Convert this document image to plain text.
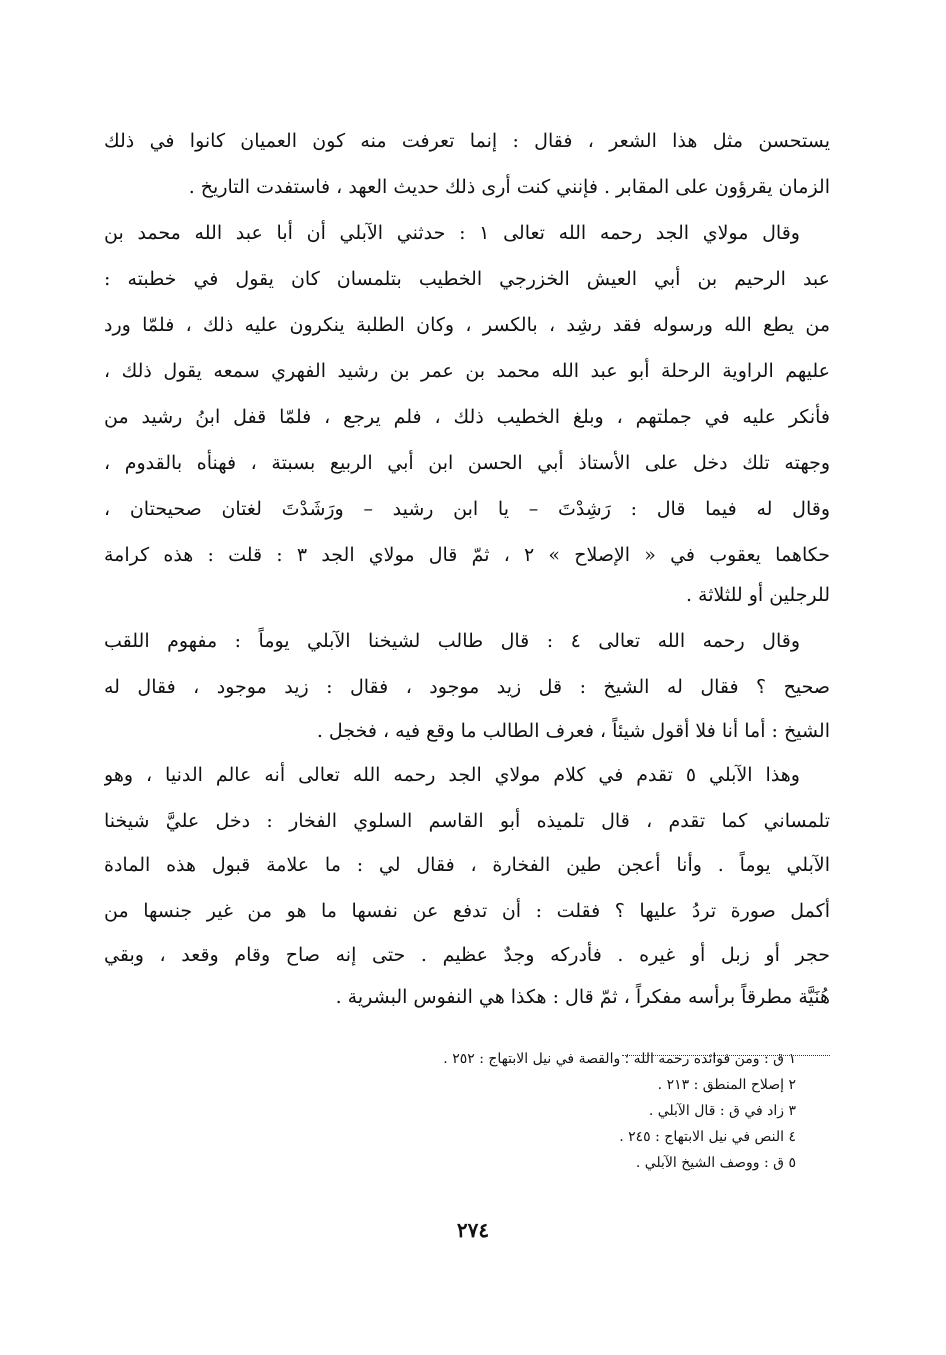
يستحسن مثل هذا الشعر ، فقال : إنما تعرفت منه كون العميان كانوا في ذلك
الزمان يقرؤون على المقابر . فإنني كنت أرى ذلك حديث العهد ، فاستفدت التاريخ .
وقال مولاي الجد رحمه الله تعالى ١ : حدثني الآبلي أن أبا عبد الله محمد بن
عبد الرحيم بن أبي العيش الخزرجي الخطيب بتلمسان كان يقول في خطبته :
من يطع الله ورسوله فقد رشِد ، بالكسر ، وكان الطلبة ينكرون عليه ذلك ، فلمّا ورد
عليهم الراوية الرحلة أبو عبد الله محمد بن عمر بن رشيد الفهري سمعه يقول ذلك ،
فأنكر عليه في جملتهم ، وبلغ الخطيب ذلك ، فلم يرجع ، فلمّا قفل ابنُ رشيد من
وجهته تلك دخل على الأستاذ أبي الحسن ابن أبي الربيع بسبتة ، فهنأه بالقدوم ،
وقال له فيما قال : رَشِدْتَ – يا ابن رشيد – ورَشَدْتَ لغتان صحيحتان ،
حكاهما يعقوب في « الإصلاح » ٢ ، ثمّ قال مولاي الجد ٣ : قلت : هذه كرامة
للرجلين أو للثلاثة .
وقال رحمه الله تعالى ٤ : قال طالب لشيخنا الآبلي يوماً : مفهوم اللقب
صحيح ؟ فقال له الشيخ : قل زيد موجود ، فقال : زيد موجود ، فقال له
الشيخ : أما أنا فلا أقول شيئاً ، فعرف الطالب ما وقع فيه ، فخجل .
وهذا الآبلي ٥ تقدم في كلام مولاي الجد رحمه الله تعالى أنه عالم الدنيا ، وهو
تلمساني كما تقدم ، قال تلميذه أبو القاسم السلوي الفخار : دخل عليَّ شيخنا
الآبلي يوماً . وأنا أعجن طين الفخارة ، فقال لي : ما علامة قبول هذه المادة
أكمل صورة تردُ عليها ؟ فقلت : أن تدفع عن نفسها ما هو من غير جنسها من
حجر أو زبل أو غيره . فأدركه وجدٌ عظيم . حتى إنه صاح وقام وقعد ، وبقي
هُنَيَّة مطرقاً برأسه مفكراً ، ثمّ قال : هكذا هي النفوس البشرية .
١ ق : ومن فوائده رحمه الله ؛ والقصة في نيل الابتهاج : ٢٥٢ .
٢ إصلاح المنطق : ٢١٣ .
٣ زاد في ق : قال الآبلي .
٤ النص في نيل الابتهاج : ٢٤٥ .
٥ ق : ووصف الشيخ الآبلي .
٢٧٤
